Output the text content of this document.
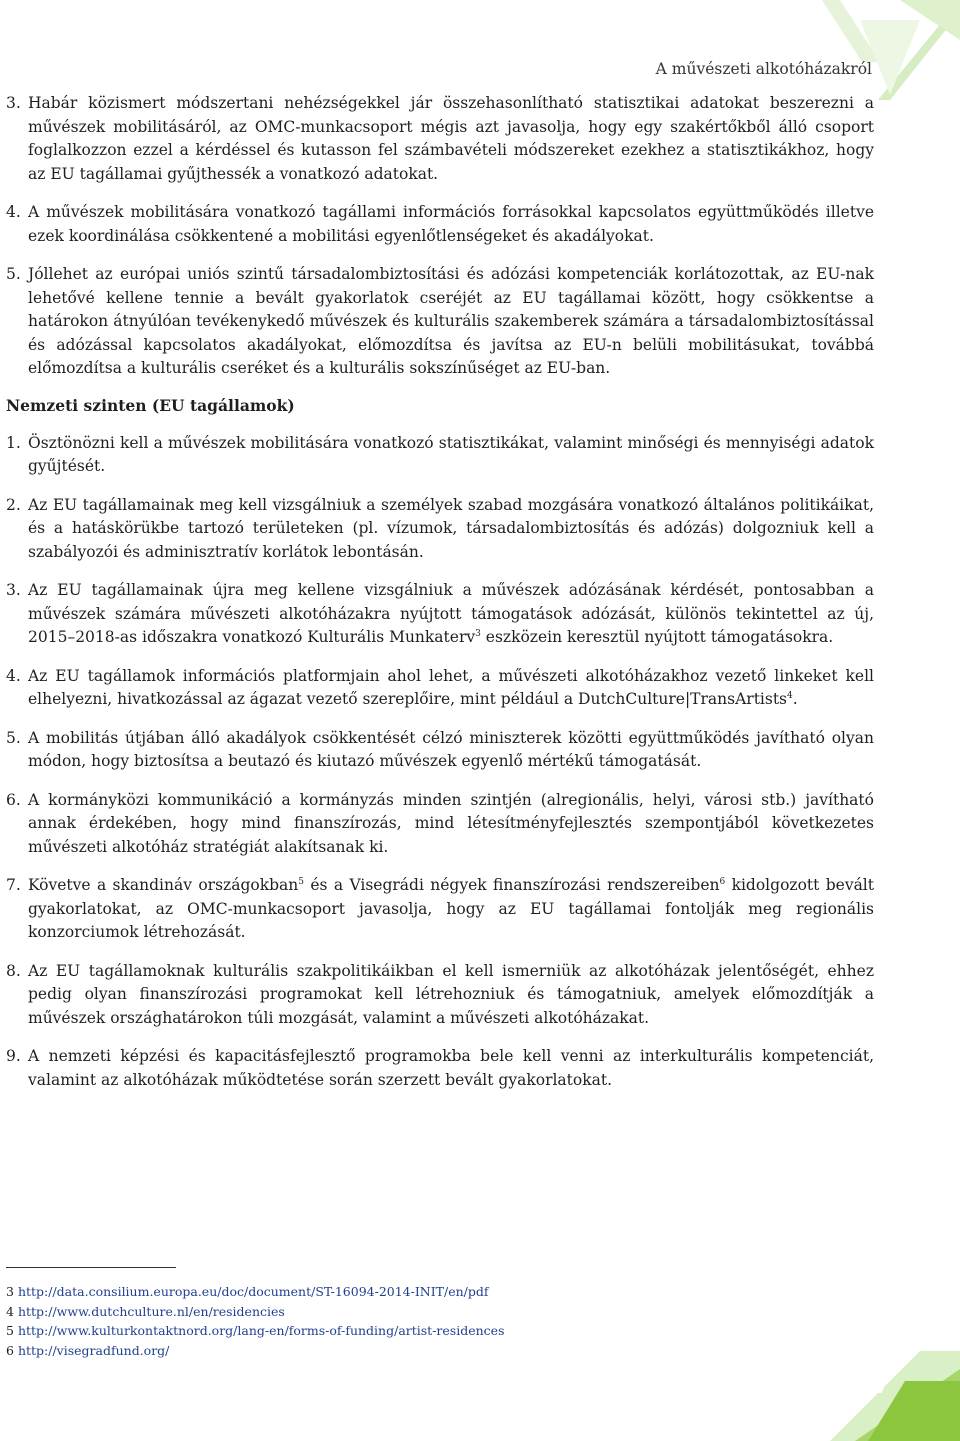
A művészeti alkotóházakról
3. Habár közismert módszertani nehézségekkel jár összehasonlítható statisztikai adatokat beszerezni a művészek mobilitásáról, az OMC-munkacsoport mégis azt javasolja, hogy egy szakértőkből álló csoport foglalkozzon ezzel a kérdéssel és kutasson fel számbavételi módszereket ezekhez a statisztikákhoz, hogy az EU tagállamai gyűjthessék a vonatkozó adatokat.
4. A művészek mobilitására vonatkozó tagállami információs forrásokkal kapcsolatos együttműködés illetve ezek koordinálása csökkentené a mobilitási egyenlőtlenségeket és akadályokat.
5. Jóllehet az európai uniós szintű társadalombiztosítási és adózási kompetenciák korlátozottak, az EU-nak lehetővé kellene tennie a bevált gyakorlatok cseréjét az EU tagállamai között, hogy csökkentse a határokon átnyúlóan tevékenykedő művészek és kulturális szakemberek számára a társadalombiztosítással és adózással kapcsolatos akadályokat, előmozdítsa és javítsa az EU-n belüli mobilitásukat, továbbá előmozdítsa a kulturális cseréket és a kulturális sokszínűséget az EU-ban.
Nemzeti szinten (EU tagállamok)
1. Ösztönözni kell a művészek mobilitására vonatkozó statisztikákat, valamint minőségi és mennyiségi adatok gyűjtését.
2. Az EU tagállamainak meg kell vizsgálniuk a személyek szabad mozgására vonatkozó általános politikáikat, és a hatáskörükbe tartozó területeken (pl. vízumok, társadalombiztosítás és adózás) dolgozniuk kell a szabályozói és adminisztratív korlátok lebontásán.
3. Az EU tagállamainak újra meg kellene vizsgálniuk a művészek adózásának kérdését, pontosabban a művészek számára művészeti alkotóházakra nyújtott támogatások adózását, különös tekintettel az új, 2015–2018-as időszakra vonatkozó Kulturális Munkaterv$^3$ eszközein keresztül nyújtott támogatásokra.
4. Az EU tagállamok információs platformjain ahol lehet, a művészeti alkotóházakhoz vezető linkeket kell elhelyezni, hivatkozással az ágazat vezető szereplőire, mint például a DutchCulture|TransArtists$^4$.
5. A mobilitás útjában álló akadályok csökkentését célzó miniszterek közötti együttműködés javítható olyan módon, hogy biztosítsa a beutazó és kiutazó művészek egyenlő mértékű támogatását.
6. A kormányközi kommunikáció a kormányzás minden szintjén (alregionális, helyi, városi stb.) javítható annak érdekében, hogy mind finanszírozás, mind létesítményfejlesztés szempontjából következetes művészeti alkotóház stratégiát alakítsanak ki.
7. Követve a skandináv országokban$^5$ és a Visegrádi négyek finanszírozási rendszereiben$^6$ kidolgozott bevált gyakorlatokat, az OMC-munkacsoport javasolja, hogy az EU tagállamai fontolják meg regionális konzorciumok létrehozását.
8. Az EU tagállamoknak kulturális szakpolitikáikban el kell ismerniük az alkotóházak jelentőségét, ehhez pedig olyan finanszírozási programokat kell létrehozniuk és támogatniuk, amelyek előmozdítják a művészek országhatárokon túli mozgását, valamint a művészeti alkotóházakat.
9. A nemzeti képzési és kapacitásfejlesztő programokba bele kell venni az interkulturális kompetenciát, valamint az alkotóházak működtetése során szerzett bevált gyakorlatokat.
3 http://data.consilium.europa.eu/doc/document/ST-16094-2014-INIT/en/pdf
4 http://www.dutchculture.nl/en/residencies
5 http://www.kulturkontaktnord.org/lang-en/forms-of-funding/artist-residences
6 http://visegradfund.org/
17
